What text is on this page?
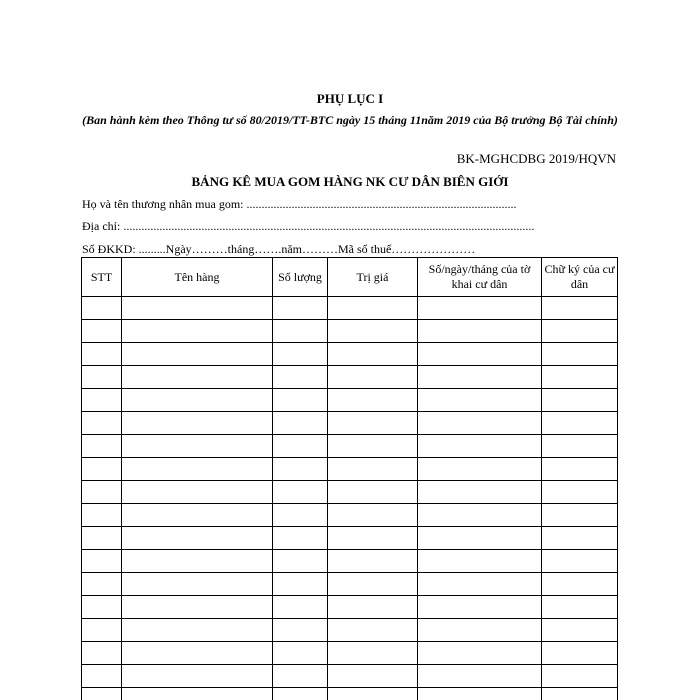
PHỤ LỤC I
(Ban hành kèm theo Thông tư số 80/2019/TT-BTC ngày 15 tháng 11năm 2019 của Bộ trưởng Bộ Tài chính)
BK-MGHCDBG 2019/HQVN
BẢNG KÊ MUA GOM HÀNG NK CƯ DÂN BIÊN GIỚI
Họ và tên thương nhân mua gom: ..........................................................................................
Địa chỉ: .........................................................................................................................................
Số ĐKKD: .........Ngày………tháng…….năm………Mã số thuế…………………
STT	Tên hàng	Số lượng	Trị giá	Số/ngày/tháng của tờ khai cư dân	Chữ ký của cư dân
